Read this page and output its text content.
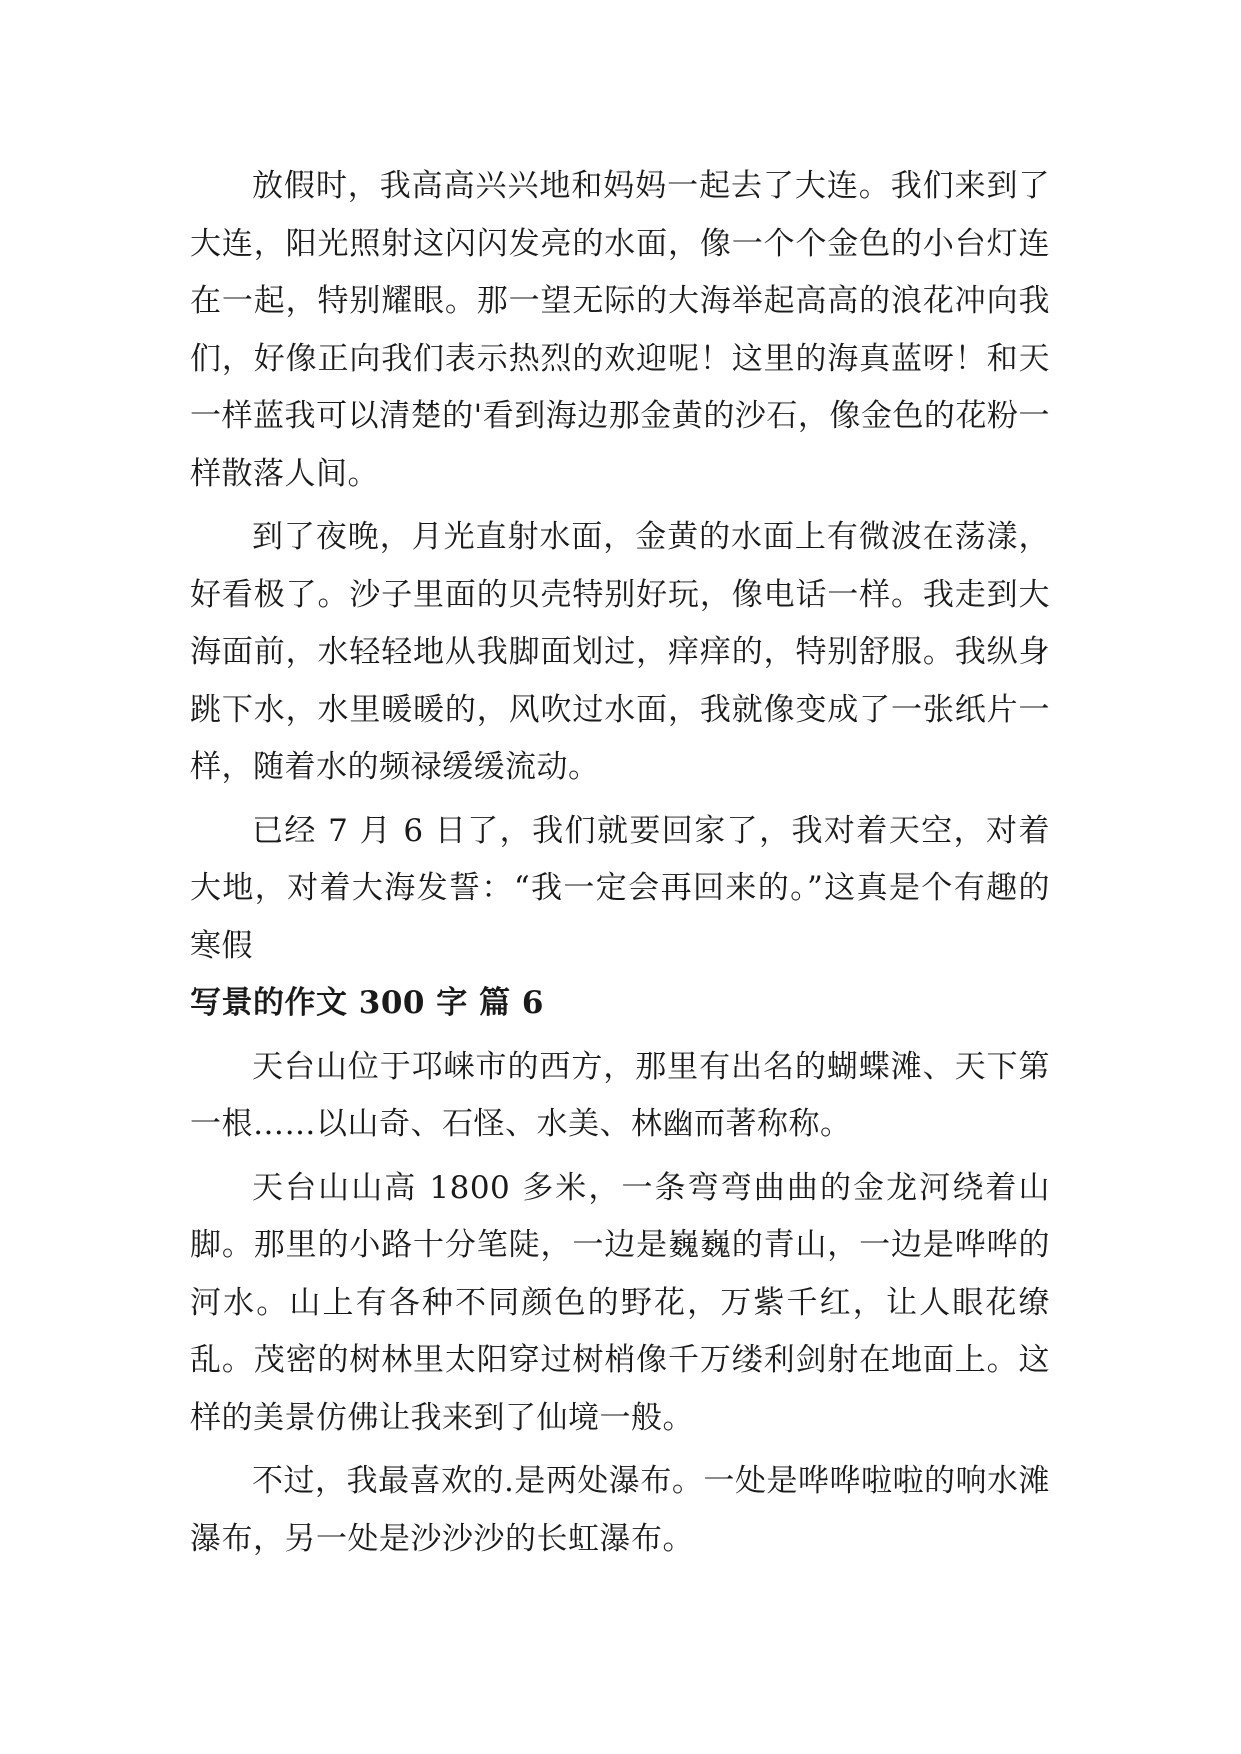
放假时，我高高兴兴地和妈妈一起去了大连。我们来到了大连，阳光照射这闪闪发亮的水面，像一个个金色的小台灯连在一起，特别耀眼。那一望无际的大海举起高高的浪花冲向我们，好像正向我们表示热烈的欢迎呢！这里的海真蓝呀！和天一样蓝我可以清楚的'看到海边那金黄的沙石，像金色的花粉一样散落人间。

到了夜晚，月光直射水面，金黄的水面上有微波在荡漾，好看极了。沙子里面的贝壳特别好玩，像电话一样。我走到大海面前，水轻轻地从我脚面划过，痒痒的，特别舒服。我纵身跳下水，水里暖暖的，风吹过水面，我就像变成了一张纸片一样，随着水的频禄缓缓流动。

已经 7 月 6 日了，我们就要回家了，我对着天空，对着大地，对着大海发誓：“我一定会再回来的。”这真是个有趣的寒假

写景的作文 300 字 篇 6

天台山位于邛崃市的西方，那里有出名的蝴蝶滩、天下第一根……以山奇、石怪、水美、林幽而著称称。

天台山山高 1800 多米，一条弯弯曲曲的金龙河绕着山脚。那里的小路十分笔陡，一边是巍巍的青山，一边是哗哗的河水。山上有各种不同颜色的野花，万紫千红，让人眼花缭乱。茂密的树林里太阳穿过树梢像千万缕利剑射在地面上。这样的美景仿佛让我来到了仙境一般。

不过，我最喜欢的.是两处瀑布。一处是哗哗啦啦的响水滩瀑布，另一处是沙沙沙的长虹瀑布。
